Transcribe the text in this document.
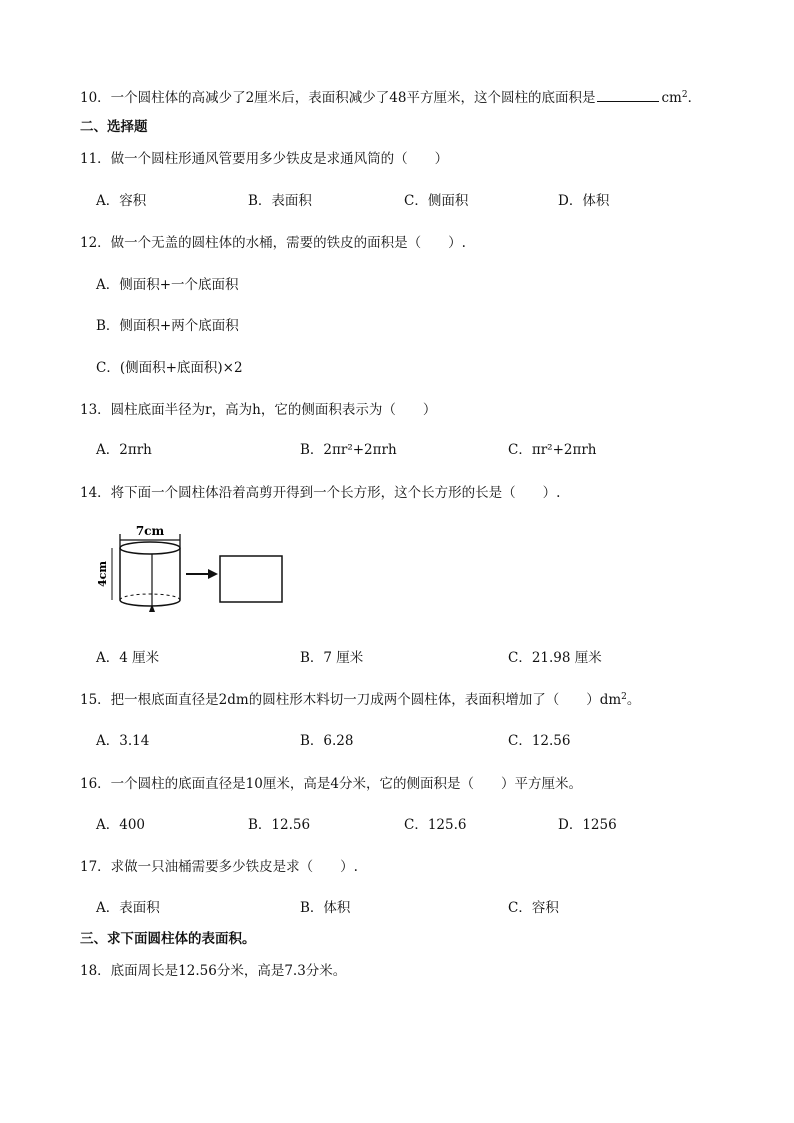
10．一个圆柱体的高减少了2厘米后，表面积减少了48平方厘米，这个圆柱的底面积是	$cm^2$．
二、选择题
11．做一个圆柱形通风管要用多少铁皮是求通风筒的（　　）
A．容积	B．表面积	C．侧面积	D．体积
12．做一个无盖的圆柱体的水桶，需要的铁皮的面积是（　　）.
A．侧面积+一个底面积
B．侧面积+两个底面积
C．(侧面积+底面积)×2
13．圆柱底面半径为r，高为h，它的侧面积表示为（　　）
A．2πrh	B．2πr²+2πrh	C．πr²+2πrh
14．将下面一个圆柱体沿着高剪开得到一个长方形，这个长方形的长是（　　）.
7cm
4cm
A．4 厘米	B．7 厘米	C．21.98 厘米
15．把一根底面直径是2dm的圆柱形木料切一刀成两个圆柱体，表面积增加了（　　）$dm^2$。
A．3.14	B．6.28	C．12.56
16．一个圆柱的底面直径是10厘米，高是4分米，它的侧面积是（　　）平方厘米。
A．400	B．12.56	C．125.6	D．1256
17．求做一只油桶需要多少铁皮是求（　　）.
A．表面积	B．体积	C．容积
三、求下面圆柱体的表面积。
18．底面周长是12.56分米，高是7.3分米。
